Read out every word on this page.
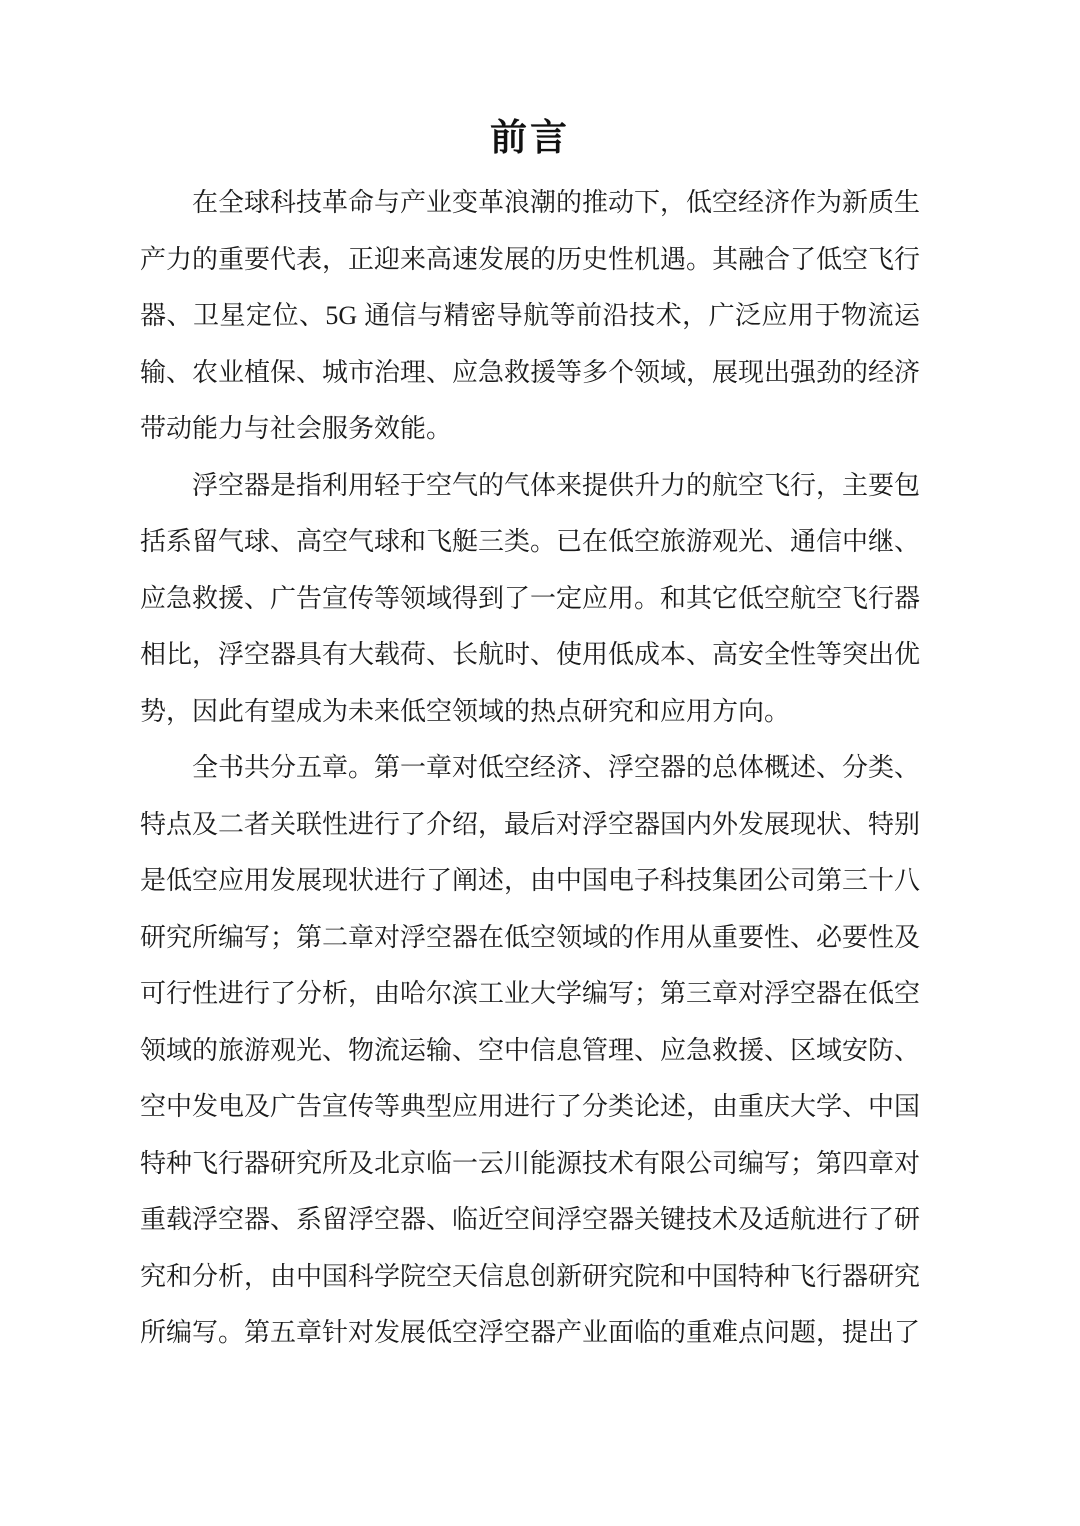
前言

在全球科技革命与产业变革浪潮的推动下，低空经济作为新质生产力的重要代表，正迎来高速发展的历史性机遇。其融合了低空飞行器、卫星定位、5G 通信与精密导航等前沿技术，广泛应用于物流运输、农业植保、城市治理、应急救援等多个领域，展现出强劲的经济带动能力与社会服务效能。

浮空器是指利用轻于空气的气体来提供升力的航空飞行，主要包括系留气球、高空气球和飞艇三类。已在低空旅游观光、通信中继、应急救援、广告宣传等领域得到了一定应用。和其它低空航空飞行器相比，浮空器具有大载荷、长航时、使用低成本、高安全性等突出优势，因此有望成为未来低空领域的热点研究和应用方向。

全书共分五章。第一章对低空经济、浮空器的总体概述、分类、特点及二者关联性进行了介绍，最后对浮空器国内外发展现状、特别是低空应用发展现状进行了阐述，由中国电子科技集团公司第三十八研究所编写；第二章对浮空器在低空领域的作用从重要性、必要性及可行性进行了分析，由哈尔滨工业大学编写；第三章对浮空器在低空领域的旅游观光、物流运输、空中信息管理、应急救援、区域安防、空中发电及广告宣传等典型应用进行了分类论述，由重庆大学、中国特种飞行器研究所及北京临一云川能源技术有限公司编写；第四章对重载浮空器、系留浮空器、临近空间浮空器关键技术及适航进行了研究和分析，由中国科学院空天信息创新研究院和中国特种飞行器研究所编写。第五章针对发展低空浮空器产业面临的重难点问题，提出了
